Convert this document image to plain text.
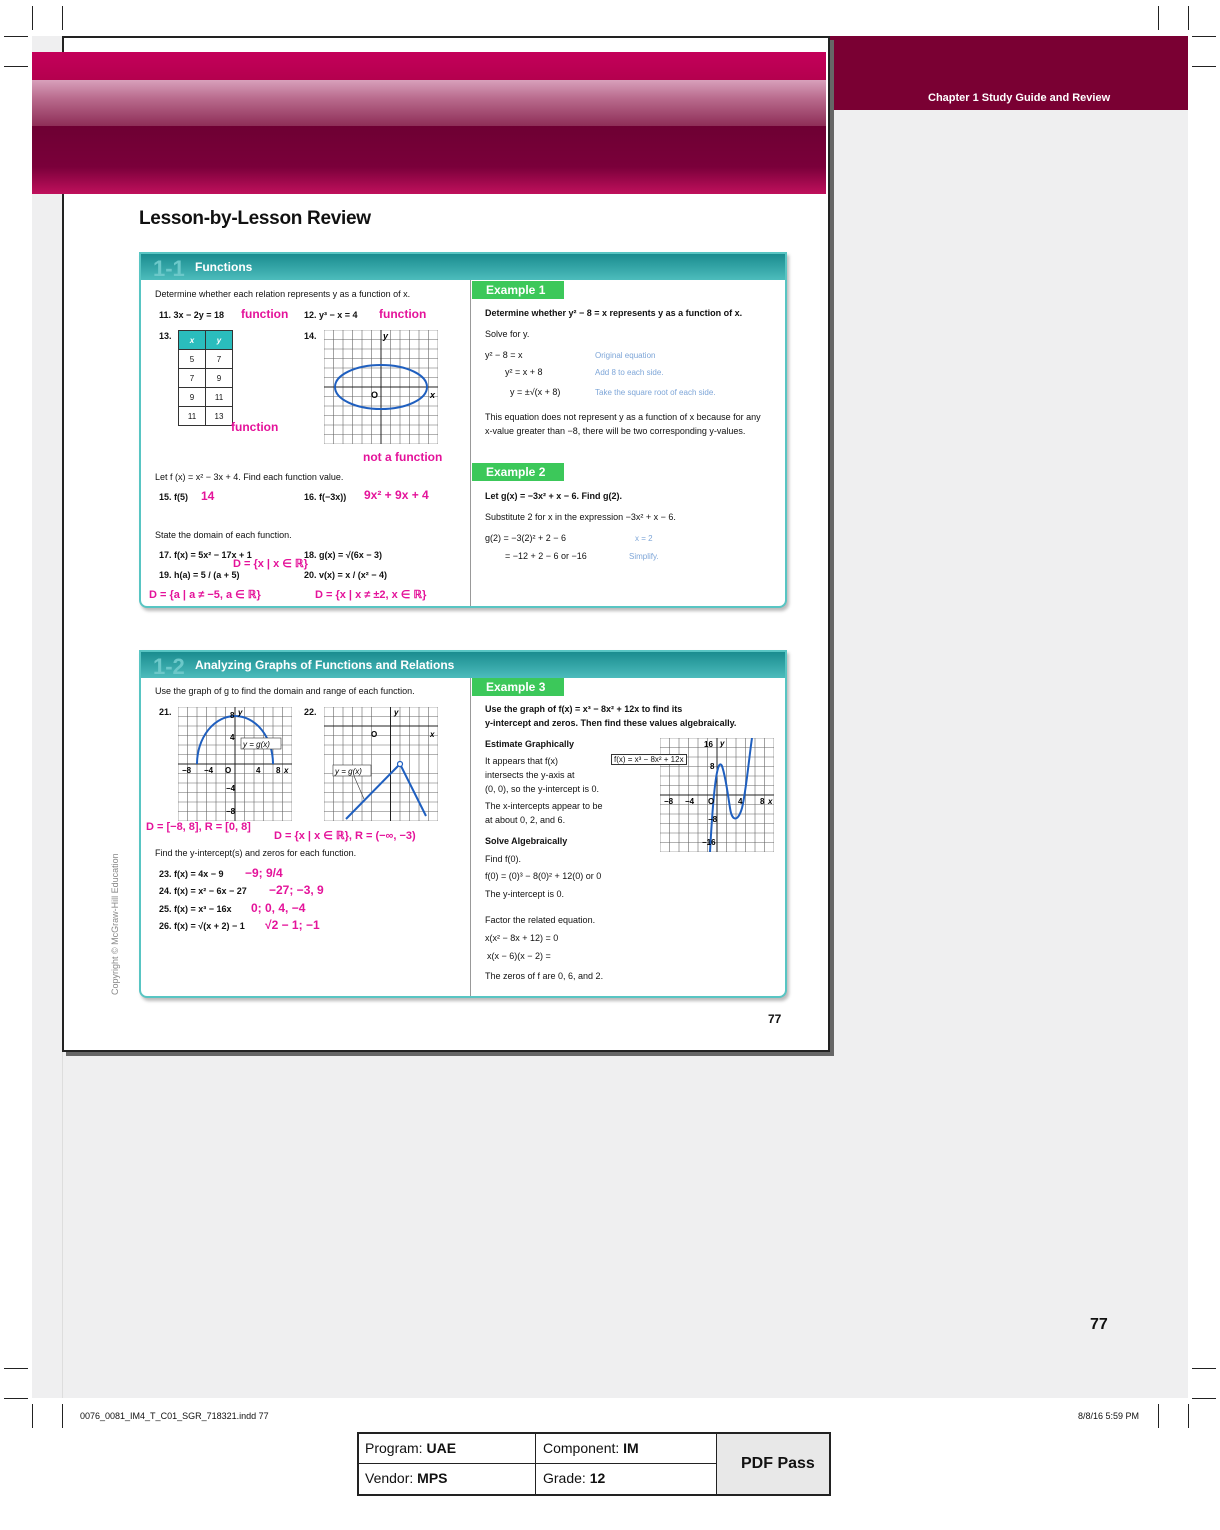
Chapter 1 Study Guide and Review
77
Lesson-by-Lesson Review
1-1 Functions
Determine whether each relation represents y as a function of x.
11. 3x − 2y = 18 function 12. y³ − x = 4 function
13.	14.
x	y
5	7
7	9
9	11
11	13
function
y
x
O
not a function
Let f (x) = x² − 3x + 4. Find each function value.
15. f(5) 14	16. f(−3x)) 9x² + 9x + 4
State the domain of each function.
17. f(x) = 5x² − 17x + 1	18. g(x) = √(6x − 3)
D = {x | x ∈ ℝ}
19. h(a) = 5 / (a + 5)	20. v(x) = x / (x² − 4)
D = {a | a ≠ −5, a ∈ ℝ}	D = {x | x ≠ ±2, x ∈ ℝ}
Example 1
Determine whether y² − 8 = x represents y as a function of x.
Solve for y.
y² − 8 = x	Original equation
y² = x + 8	Add 8 to each side.
y = ±√(x + 8)	Take the square root of each side.
This equation does not represent y as a function of x because for any
x-value greater than −8, there will be two corresponding y-values.
Example 2
Let g(x) = −3x² + x − 6. Find g(2).
Substitute 2 for x in the expression −3x² + x − 6.
g(2) = −3(2)² + 2 − 6	x = 2
= −12 + 2 − 6 or −16	Simplify.
1-2 Analyzing Graphs of Functions and Relations
Use the graph of g to find the domain and range of each function.
21.	22.
y = g(x)
8
4
−8 −4 O	4 8 x
y
−4
−8
y = g(x)
O
y
x
D = [−8, 8], R = [0, 8]
D = {x | x ∈ ℝ}, R = (−∞, −3)
Find the y-intercept(s) and zeros for each function.
23. f(x) = 4x − 9 −9; 9/4
24. f(x) = x² − 6x − 27 −27; −3, 9
25. f(x) = x³ − 16x 0; 0, 4, −4
26. f(x) = √(x + 2) − 1 √2 − 1; −1
Example 3
Use the graph of f(x) = x³ − 8x² + 12x to find its
y-intercept and zeros. Then find these values algebraically.
Estimate Graphically
It appears that f(x)
intersects the y-axis at
(0, 0), so the y-intercept is 0.
The x-intercepts appear to be
at about 0, 2, and 6.
16
8
−8 −4 O	4 8 x
y
−8
−16
f(x) = x³ − 8x² + 12x
Solve Algebraically
Find f(0).
f(0) = (0)³ − 8(0)² + 12(0) or 0
The y-intercept is 0.
Factor the related equation.
x(x² − 8x + 12) = 0
x(x − 6)(x − 2) =
The zeros of f are 0, 6, and 2.
Copyright © McGraw-Hill Education
77
0076_0081_IM4_T_C01_SGR_718321.indd 77	8/8/16 5:59 PM
Program: UAE	Component: IM
Vendor: MPS	Grade: 12
PDF Pass
